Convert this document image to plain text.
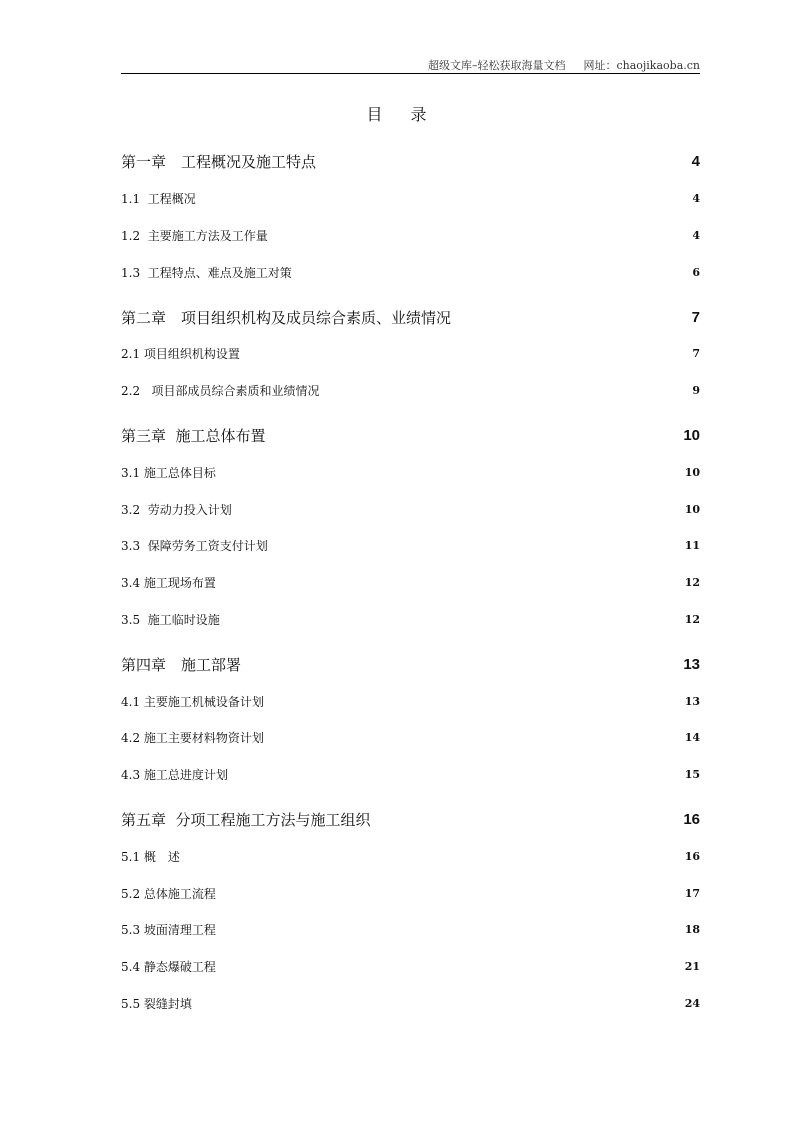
超级文库–轻松获取海量文档 网址：chaojikaoba.cn
目录
第一章　工程概况及施工特点	4
1.1  工程概况	4
1.2  主要施工方法及工作量	4
1.3  工程特点、难点及施工对策	6
第二章　项目组织机构及成员综合素质、业绩情况	7
2.1 项目组织机构设置	7
2.2   项目部成员综合素质和业绩情况	9
第三章  施工总体布置	10
3.1 施工总体目标	10
3.2  劳动力投入计划	10
3.3  保障劳务工资支付计划	11
3.4 施工现场布置	12
3.5  施工临时设施	12
第四章　施工部署	13
4.1 主要施工机械设备计划	13
4.2 施工主要材料物资计划	14
4.3 施工总进度计划	15
第五章  分项工程施工方法与施工组织	16
5.1 概　述	16
5.2 总体施工流程	17
5.3 坡面清理工程	18
5.4 静态爆破工程	21
5.5 裂缝封填	24
